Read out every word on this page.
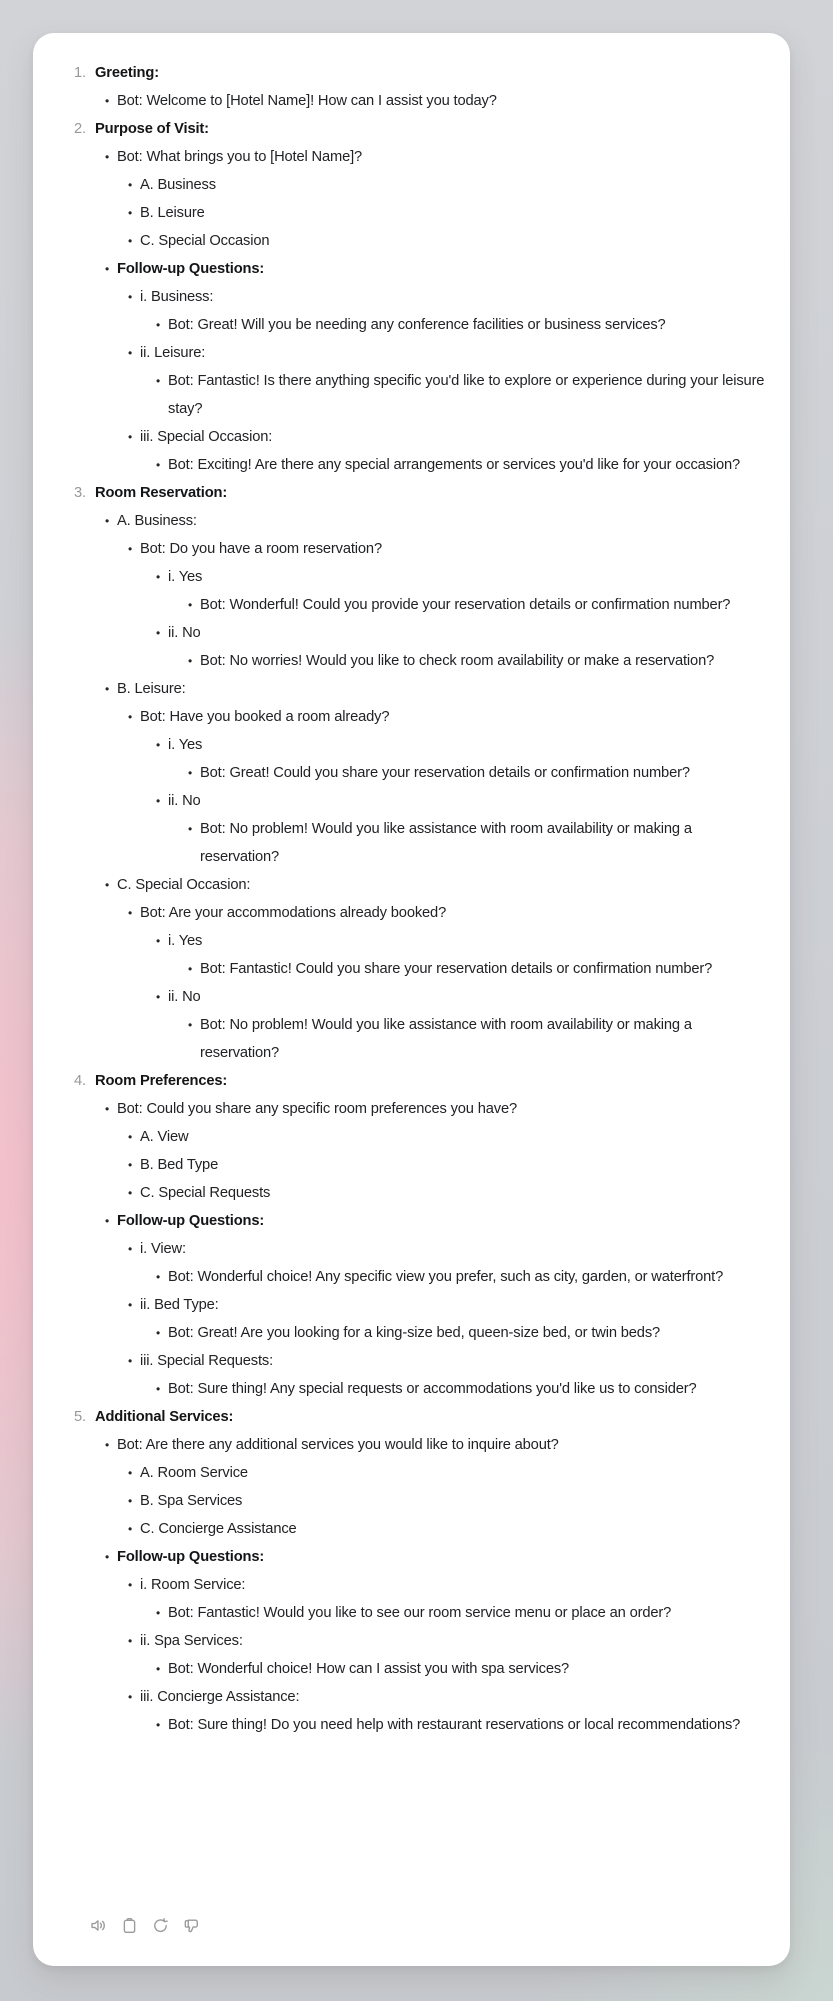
1. Greeting:
• Bot: Welcome to [Hotel Name]! How can I assist you today?
2. Purpose of Visit:
• Bot: What brings you to [Hotel Name]?
• A. Business
• B. Leisure
• C. Special Occasion
• Follow-up Questions:
• i. Business:
• Bot: Great! Will you be needing any conference facilities or business services?
• ii. Leisure:
• Bot: Fantastic! Is there anything specific you'd like to explore or experience during your leisure stay?
• iii. Special Occasion:
• Bot: Exciting! Are there any special arrangements or services you'd like for your occasion?
3. Room Reservation:
• A. Business:
• Bot: Do you have a room reservation?
• i. Yes
• Bot: Wonderful! Could you provide your reservation details or confirmation number?
• ii. No
• Bot: No worries! Would you like to check room availability or make a reservation?
• B. Leisure:
• Bot: Have you booked a room already?
• i. Yes
• Bot: Great! Could you share your reservation details or confirmation number?
• ii. No
• Bot: No problem! Would you like assistance with room availability or making a reservation?
• C. Special Occasion:
• Bot: Are your accommodations already booked?
• i. Yes
• Bot: Fantastic! Could you share your reservation details or confirmation number?
• ii. No
• Bot: No problem! Would you like assistance with room availability or making a reservation?
4. Room Preferences:
• Bot: Could you share any specific room preferences you have?
• A. View
• B. Bed Type
• C. Special Requests
• Follow-up Questions:
• i. View:
• Bot: Wonderful choice! Any specific view you prefer, such as city, garden, or waterfront?
• ii. Bed Type:
• Bot: Great! Are you looking for a king-size bed, queen-size bed, or twin beds?
• iii. Special Requests:
• Bot: Sure thing! Any special requests or accommodations you'd like us to consider?
5. Additional Services:
• Bot: Are there any additional services you would like to inquire about?
• A. Room Service
• B. Spa Services
• C. Concierge Assistance
• Follow-up Questions:
• i. Room Service:
• Bot: Fantastic! Would you like to see our room service menu or place an order?
• ii. Spa Services:
• Bot: Wonderful choice! How can I assist you with spa services?
• iii. Concierge Assistance:
• Bot: Sure thing! Do you need help with restaurant reservations or local recommendations?
